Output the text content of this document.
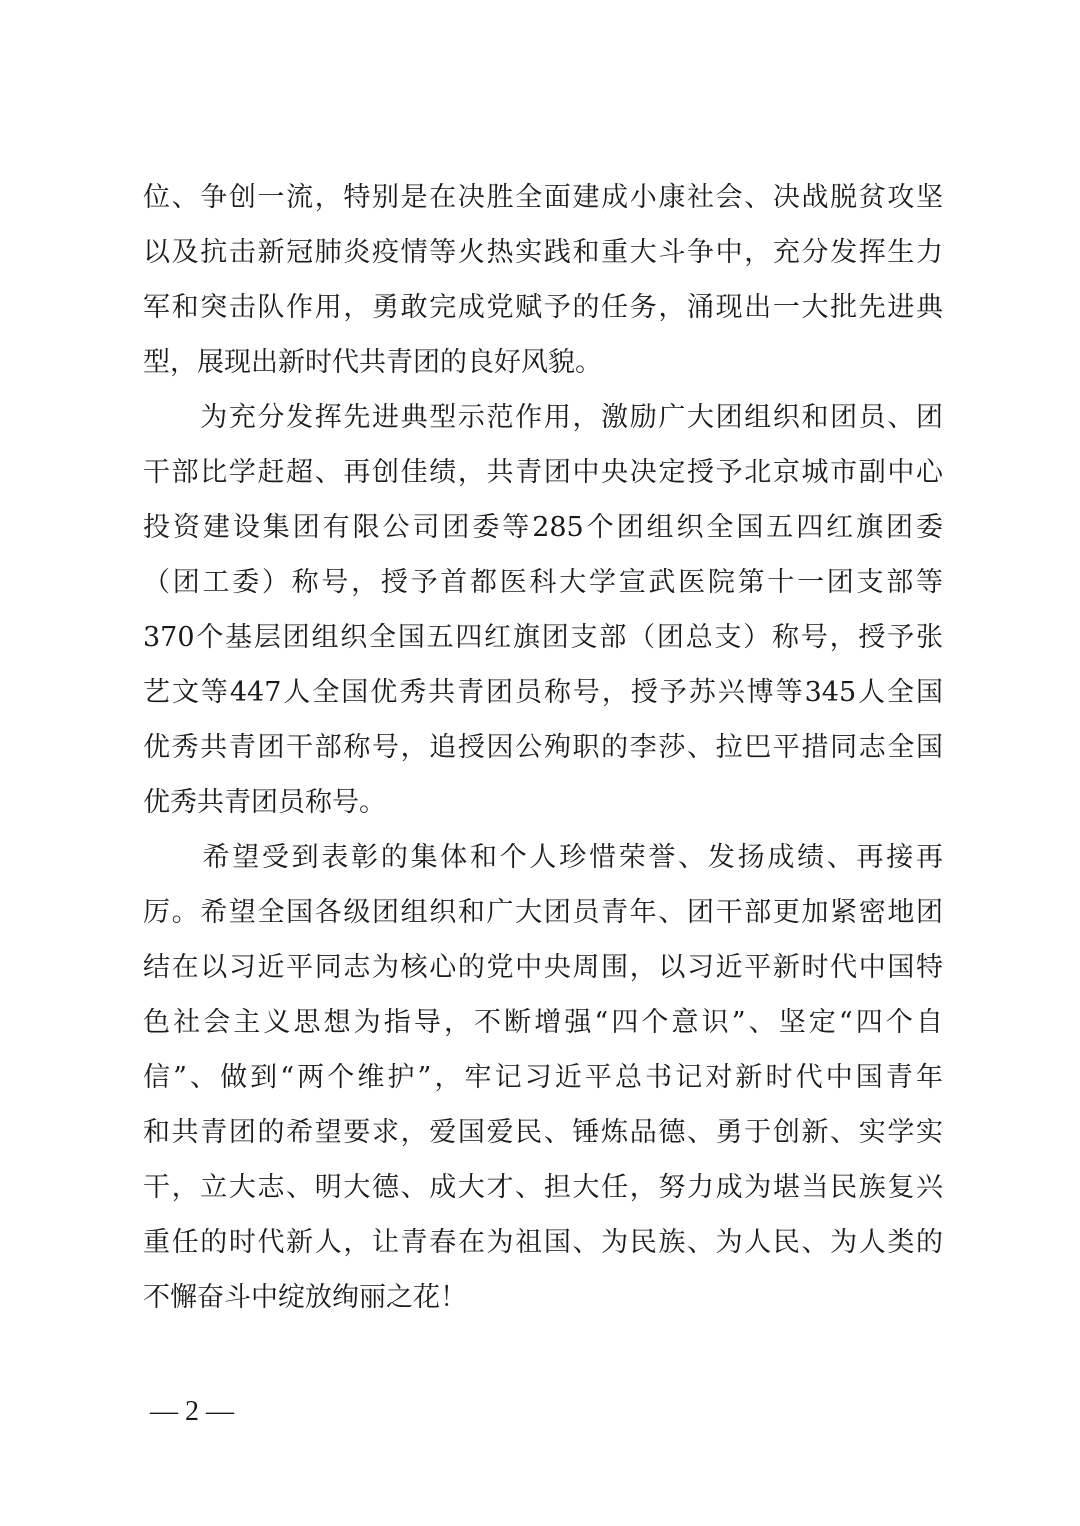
位、争创一流，特别是在决胜全面建成小康社会、决战脱贫攻坚
以及抗击新冠肺炎疫情等火热实践和重大斗争中，充分发挥生力
军和突击队作用，勇敢完成党赋予的任务，涌现出一大批先进典
型，展现出新时代共青团的良好风貌。
　　为充分发挥先进典型示范作用，激励广大团组织和团员、团
干部比学赶超、再创佳绩，共青团中央决定授予北京城市副中心
投资建设集团有限公司团委等285个团组织全国五四红旗团委
（团工委）称号，授予首都医科大学宣武医院第十一团支部等
370个基层团组织全国五四红旗团支部（团总支）称号，授予张
艺文等447人全国优秀共青团员称号，授予苏兴博等345人全国
优秀共青团干部称号，追授因公殉职的李莎、拉巴平措同志全国
优秀共青团员称号。
　　希望受到表彰的集体和个人珍惜荣誉、发扬成绩、再接再
厉。希望全国各级团组织和广大团员青年、团干部更加紧密地团
结在以习近平同志为核心的党中央周围，以习近平新时代中国特
色社会主义思想为指导，不断增强“四个意识”、坚定“四个自
信”、做到“两个维护”，牢记习近平总书记对新时代中国青年
和共青团的希望要求，爱国爱民、锤炼品德、勇于创新、实学实
干，立大志、明大德、成大才、担大任，努力成为堪当民族复兴
重任的时代新人，让青春在为祖国、为民族、为人民、为人类的
不懈奋斗中绽放绚丽之花！
— 2 —
